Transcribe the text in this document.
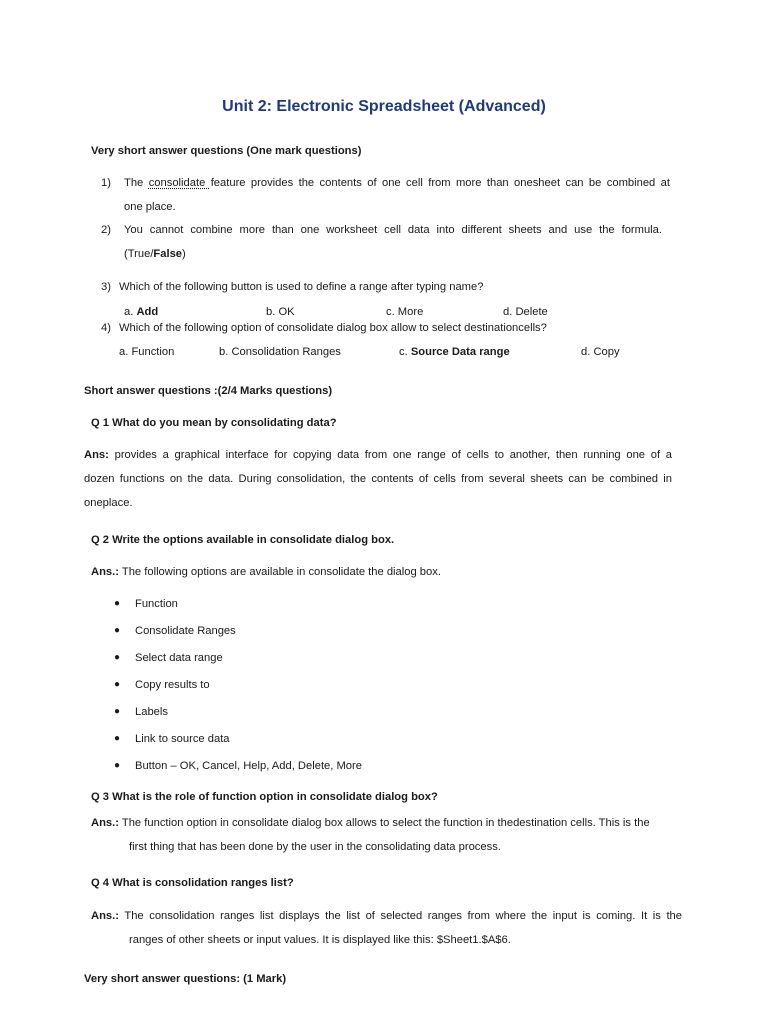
Unit 2: Electronic Spreadsheet (Advanced)
Very short answer questions (One mark questions)
1) The consolidate feature provides the contents of one cell from more than onesheet can be combined at
one place.
2) You cannot combine more than one worksheet cell data into different sheets and use the formula.
(True/False)
3) Which of the following button is used to define a range after typing name?
a. Add	b. OK	c. More	d. Delete
4) Which of the following option of consolidate dialog box allow to select destinationcells?
a. Function	b. Consolidation Ranges	c. Source Data range	d. Copy
Short answer questions :(2/4 Marks questions)
Q 1 What do you mean by consolidating data?
Ans: provides a graphical interface for copying data from one range of cells to another, then running one of a
dozen functions on the data. During consolidation, the contents of cells from several sheets can be combined in
oneplace.
Q 2 Write the options available in consolidate dialog box.
Ans.: The following options are available in consolidate the dialog box.
● Function
● Consolidate Ranges
● Select data range
● Copy results to
● Labels
● Link to source data
● Button – OK, Cancel, Help, Add, Delete, More
Q 3 What is the role of function option in consolidate dialog box?
Ans.: The function option in consolidate dialog box allows to select the function in thedestination cells. This is the
first thing that has been done by the user in the consolidating data process.
Q 4 What is consolidation ranges list?
Ans.: The consolidation ranges list displays the list of selected ranges from where the input is coming. It is the
ranges of other sheets or input values. It is displayed like this: $Sheet1.$A$6.
Very short answer questions: (1 Mark)
